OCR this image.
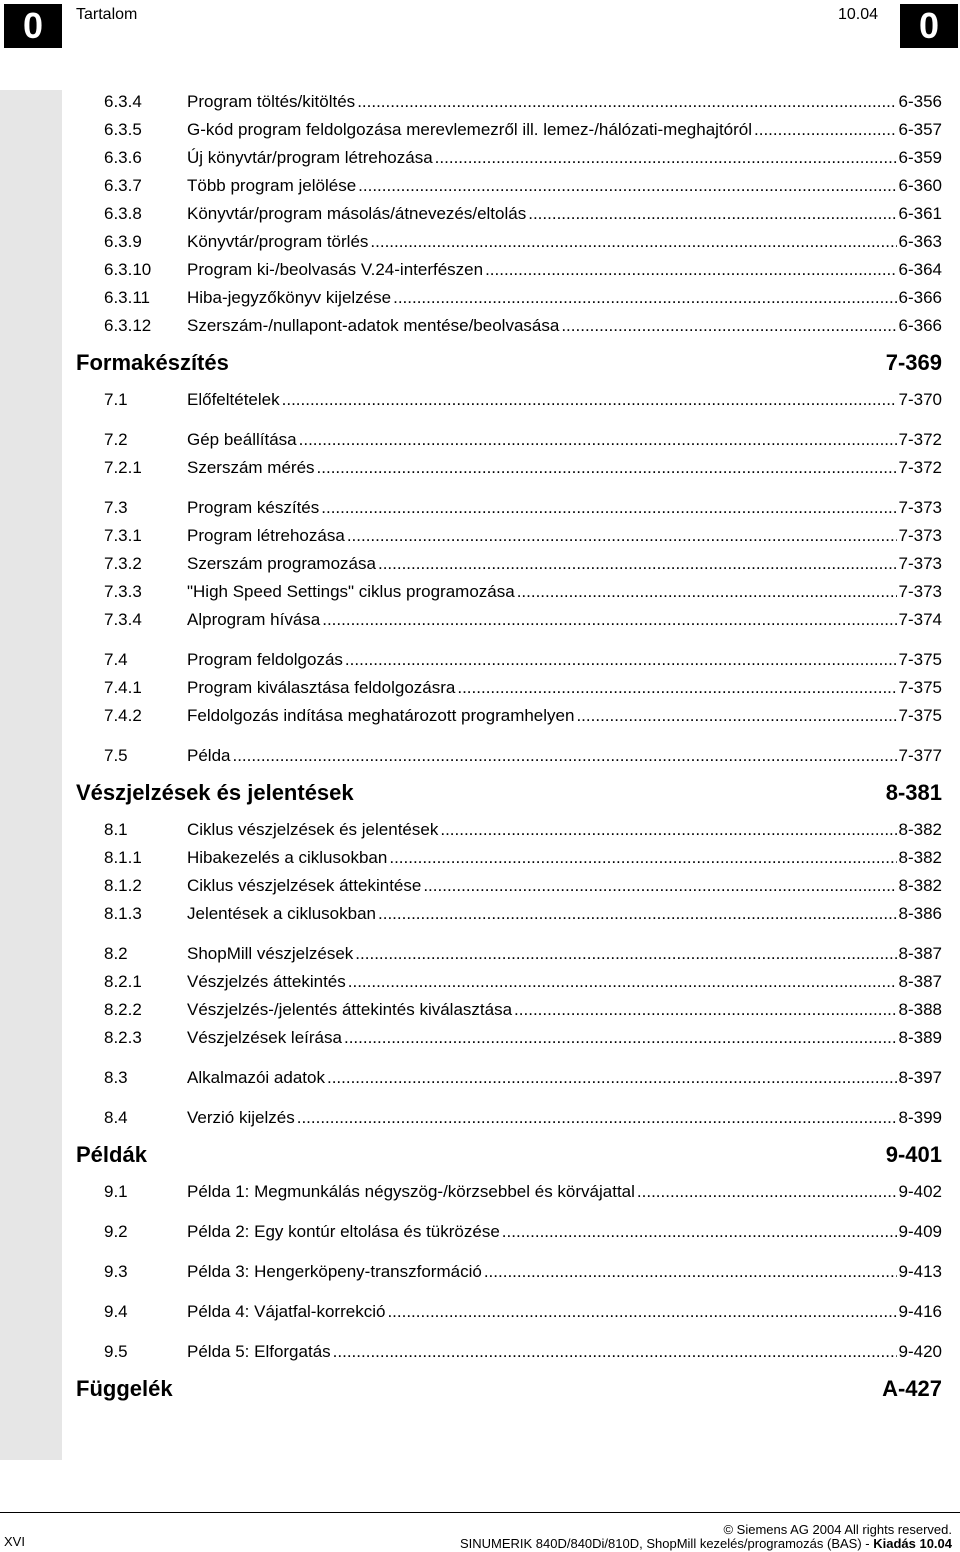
0	Tartalom	10.04	0
6.3.4	Program töltés/kitöltés .....	6-356
6.3.5	G-kód program feldolgozása merevlemezről ill. lemez-/hálózati-meghajtóról .....	6-357
6.3.6	Új könyvtár/program létrehozása .....	6-359
6.3.7	Több program jelölése .....	6-360
6.3.8	Könyvtár/program másolás/átnevezés/eltolás .....	6-361
6.3.9	Könyvtár/program törlés .....	6-363
6.3.10 Program ki-/beolvasás V.24-interfészen .....	6-364
6.3.11 Hiba-jegyzőkönyv kijelzése .....	6-366
6.3.12 Szerszám-/nullapont-adatok mentése/beolvasása .....	6-366
Formakészítés	7-369
7.1	Előfeltételek .....	7-370
7.2	Gép beállítása .....	7-372
7.2.1	Szerszám mérés .....	7-372
7.3	Program készítés .....	7-373
7.3.1	Program létrehozása .....	7-373
7.3.2	Szerszám programozása .....	7-373
7.3.3	"High Speed Settings" ciklus programozása .....	7-373
7.3.4	Alprogram hívása .....	7-374
7.4	Program feldolgozás .....	7-375
7.4.1	Program kiválasztása feldolgozásra .....	7-375
7.4.2	Feldolgozás indítása meghatározott programhelyen .....	7-375
7.5	Példa .....	7-377
Vészjelzések és jelentések	8-381
8.1	Ciklus vészjelzések és jelentések .....	8-382
8.1.1	Hibakezelés a ciklusokban .....	8-382
8.1.2	Ciklus vészjelzések áttekintése .....	8-382
8.1.3	Jelentések a ciklusokban .....	8-386
8.2	ShopMill vészjelzések .....	8-387
8.2.1	Vészjelzés áttekintés .....	8-387
8.2.2	Vészjelzés-/jelentés áttekintés kiválasztása .....	8-388
8.2.3	Vészjelzések leírása .....	8-389
8.3	Alkalmazói adatok .....	8-397
8.4	Verzió kijelzés .....	8-399
Példák	9-401
9.1	Példa 1: Megmunkálás négyszög-/körzsebbel és körvájattal .....	9-402
9.2	Példa 2: Egy kontúr eltolása és tükrözése .....	9-409
9.3	Példa 3: Hengerköpeny-transzformáció .....	9-413
9.4	Példa 4: Vájatfal-korrekció .....	9-416
9.5	Példa 5: Elforgatás .....	9-420
Függelék	A-427
XVI
© Siemens AG 2004 All rights reserved.
SINUMERIK 840D/840Di/810D, ShopMill kezelés/programozás (BAS) - Kiadás 10.04
